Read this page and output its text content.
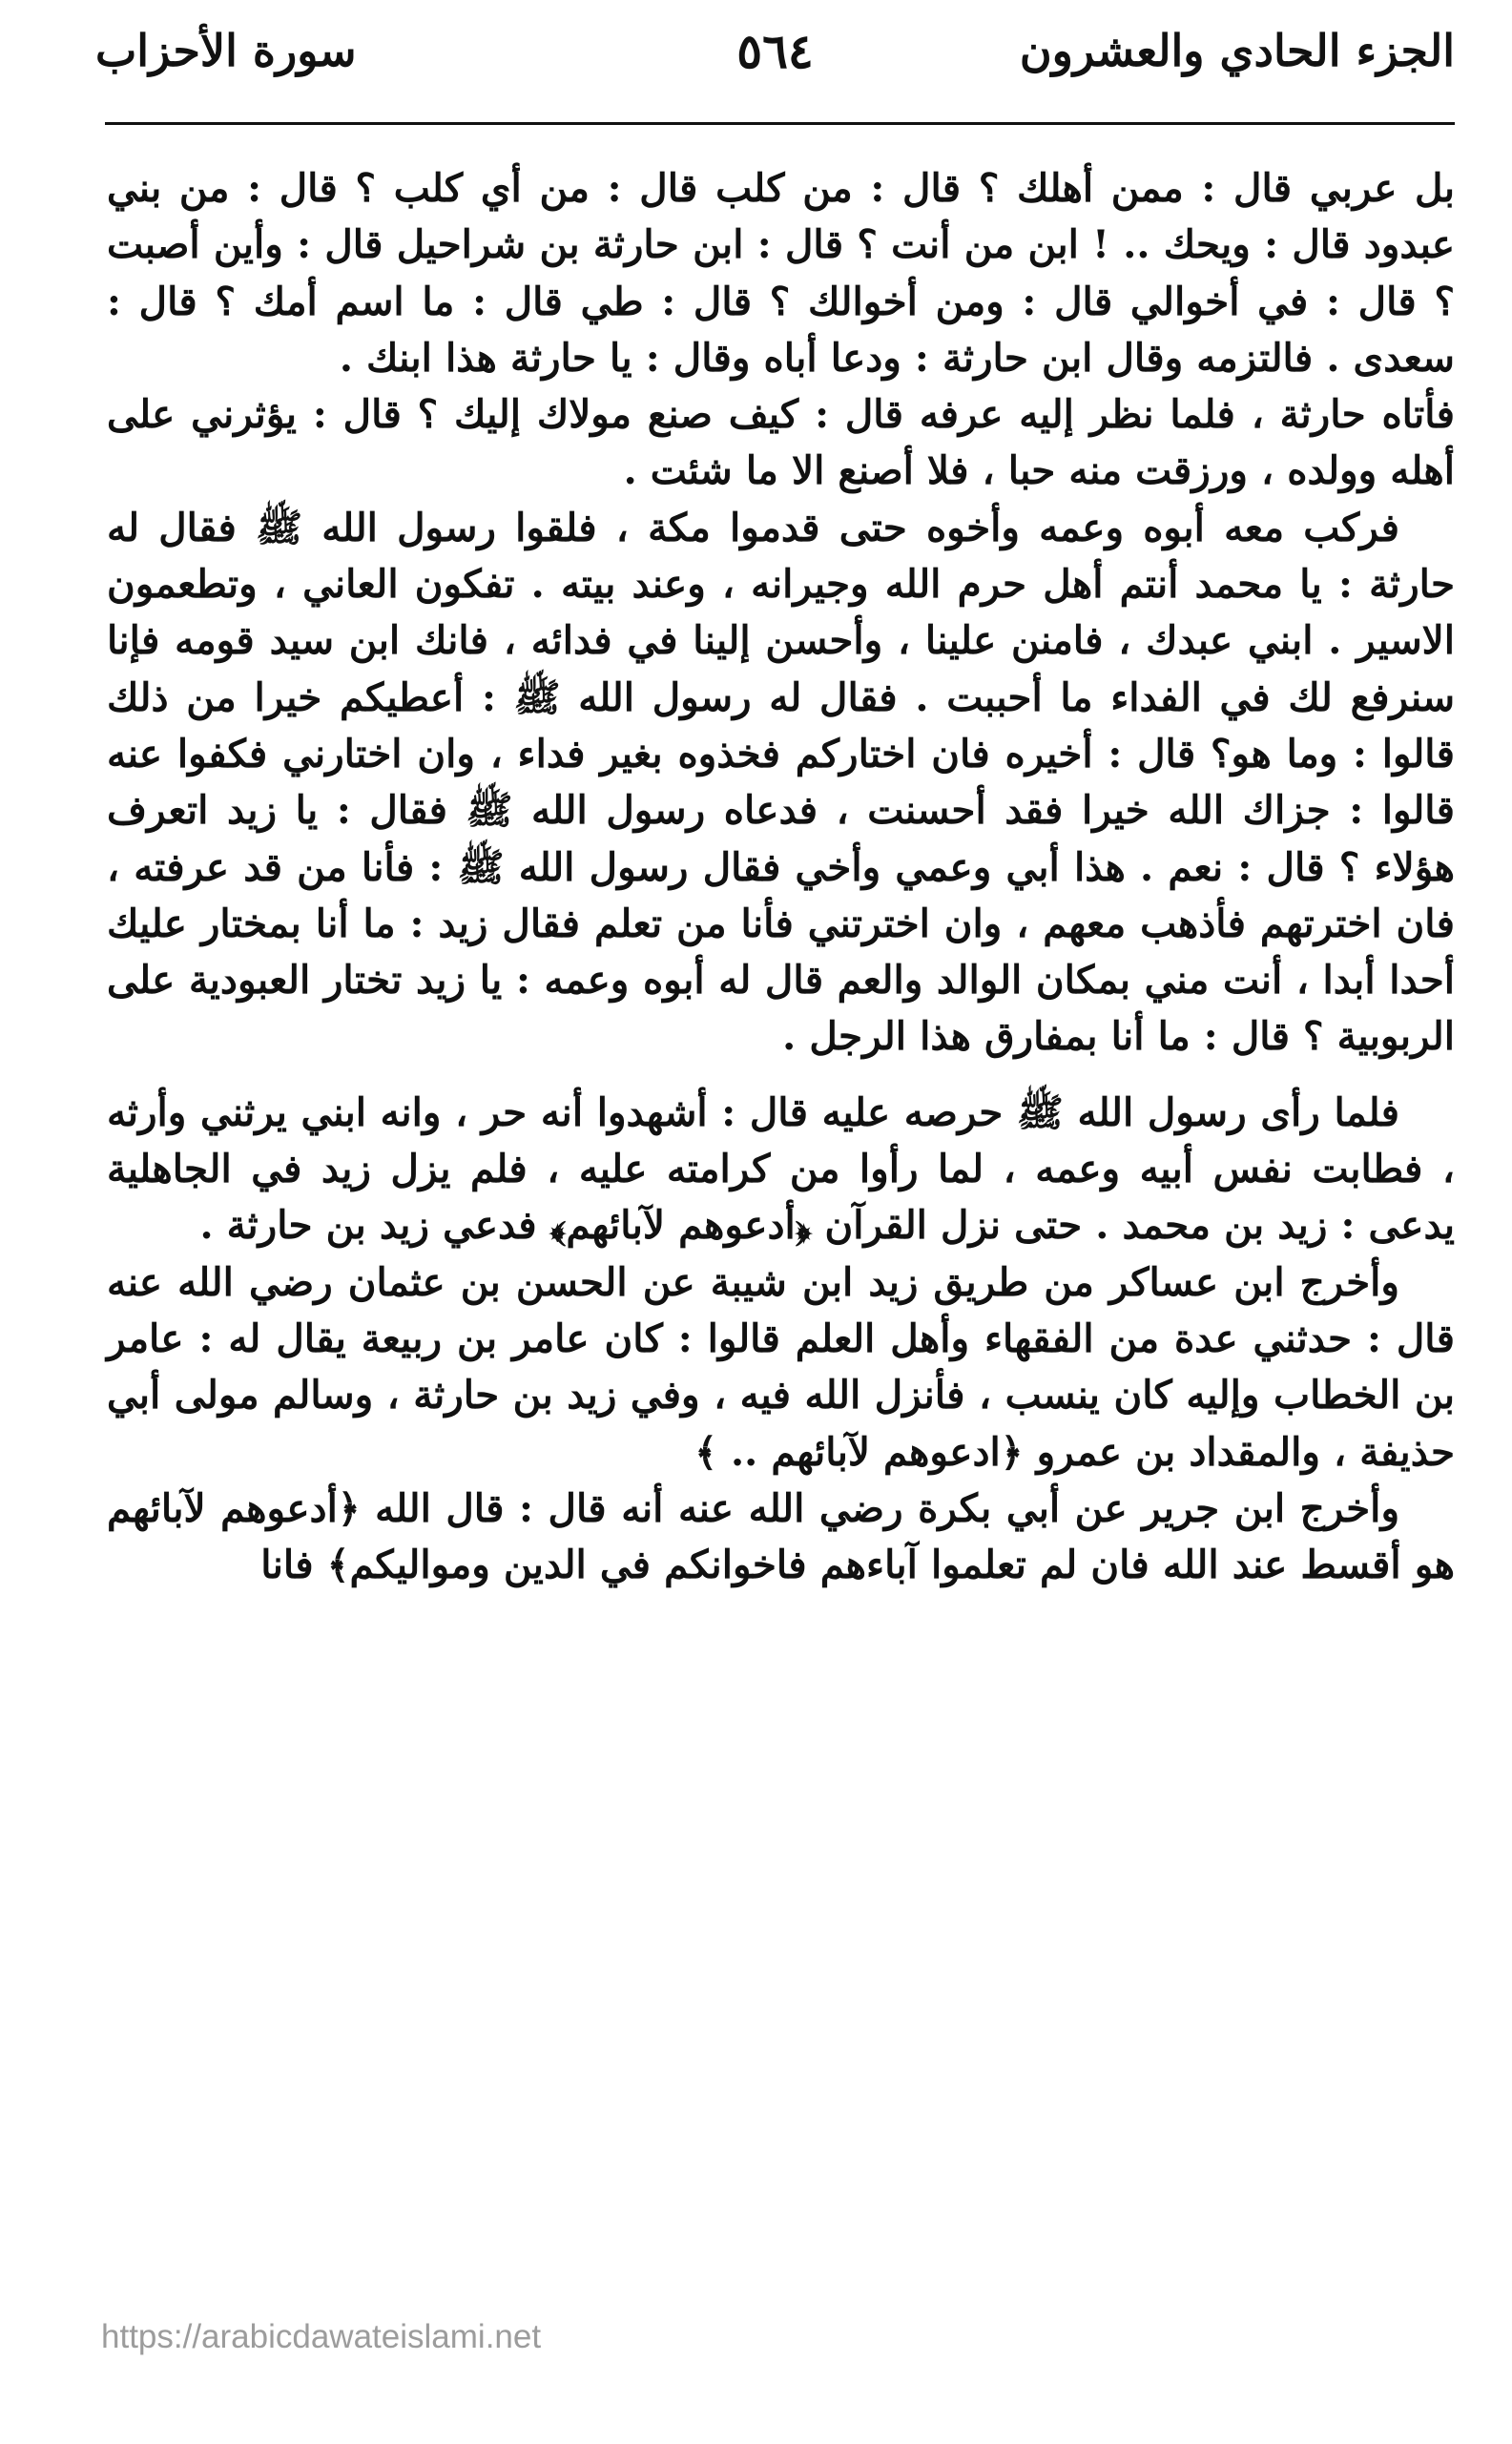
الجزء الحادي والعشرون
٥٦٤
سورة الأحزاب

بل عربي قال : ممن أهلك ؟ قال : من كلب قال : من أي كلب ؟ قال : من بني عبدود قال : ويحك .. ! ابن من أنت ؟ قال : ابن حارثة بن شراحيل قال : وأين أصبت ؟ قال : في أخوالي قال : ومن أخوالك ؟ قال : طي قال : ما اسم أمك ؟ قال : سعدى . فالتزمه وقال ابن حارثة : ودعا أباه وقال : يا حارثة هذا ابنك .

فأتاه حارثة ، فلما نظر إليه عرفه قال : كيف صنع مولاك إليك ؟ قال : يؤثرني على أهله وولده ، ورزقت منه حبا ، فلا أصنع الا ما شئت .

فركب معه أبوه وعمه وأخوه حتى قدموا مكة ، فلقوا رسول الله ﷺ فقال له حارثة : يا محمد أنتم أهل حرم الله وجيرانه ، وعند بيته . تفكون العاني ، وتطعمون الاسير . ابني عبدك ، فامنن علينا ، وأحسن إلينا في فدائه ، فانك ابن سيد قومه فإنا سنرفع لك في الفداء ما أحببت . فقال له رسول الله ﷺ : أعطيكم خيرا من ذلك قالوا : وما هو؟ قال : أخيره فان اختاركم فخذوه بغير فداء ، وان اختارني فكفوا عنه قالوا : جزاك الله خيرا فقد أحسنت ، فدعاه رسول الله ﷺ فقال : يا زيد اتعرف هؤلاء ؟ قال : نعم . هذا أبي وعمي وأخي فقال رسول الله ﷺ : فأنا من قد عرفته ، فان اخترتهم فأذهب معهم ، وان اخترتني فأنا من تعلم فقال زيد : ما أنا بمختار عليك أحدا أبدا ، أنت مني بمكان الوالد والعم قال له أبوه وعمه : يا زيد تختار العبودية على الربوبية ؟ قال : ما أنا بمفارق هذا الرجل .

فلما رأى رسول الله ﷺ حرصه عليه قال : أشهدوا أنه حر ، وانه ابني يرثني وأرثه ، فطابت نفس أبيه وعمه ، لما رأوا من كرامته عليه ، فلم يزل زيد في الجاهلية يدعى : زيد بن محمد . حتى نزل القرآن ﴿أدعوهم لآبائهم﴾ فدعي زيد بن حارثة .

وأخرج ابن عساكر من طريق زيد ابن شيبة عن الحسن بن عثمان رضي الله عنه قال : حدثني عدة من الفقهاء وأهل العلم قالوا : كان عامر بن ربيعة يقال له : عامر بن الخطاب وإليه كان ينسب ، فأنزل الله فيه ، وفي زيد بن حارثة ، وسالم مولى أبي حذيفة ، والمقداد بن عمرو ﴿ادعوهم لآبائهم .. ﴾

وأخرج ابن جرير عن أبي بكرة رضي الله عنه أنه قال : قال الله ﴿أدعوهم لآبائهم هو أقسط عند الله فان لم تعلموا آباءهم فاخوانكم في الدين ومواليكم﴾ فانا

https://arabicdawateislami.net
